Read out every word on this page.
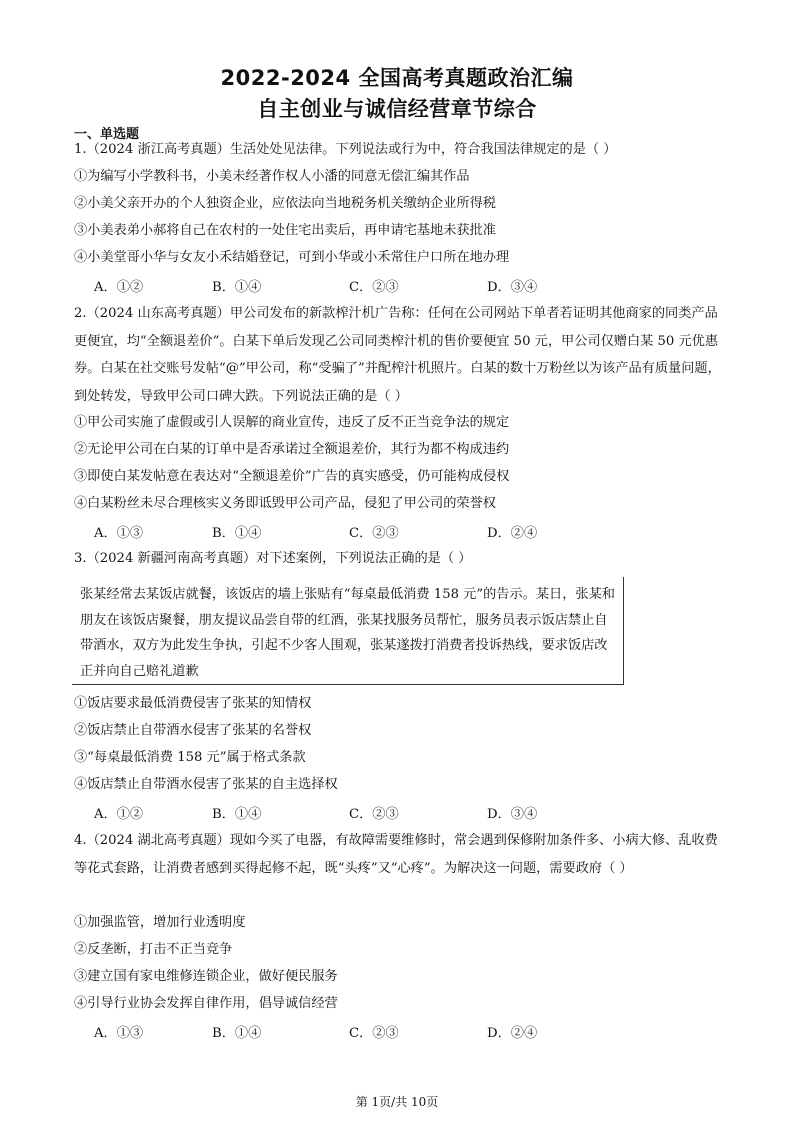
2022-2024 全国高考真题政治汇编
自主创业与诚信经营章节综合
一、单选题
1.（2024 浙江高考真题）生活处处见法律。下列说法或行为中，符合我国法律规定的是（ ）
①为编写小学教科书，小美未经著作权人小潘的同意无偿汇编其作品
②小美父亲开办的个人独资企业，应依法向当地税务机关缴纳企业所得税
③小美表弟小郝将自己在农村的一处住宅出卖后，再申请宅基地未获批准
④小美堂哥小华与女友小禾结婚登记，可到小华或小禾常住户口所在地办理
A．①②	B．①④	C．②③	D．③④
2.（2024 山东高考真题）甲公司发布的新款榨汁机广告称：任何在公司网站下单者若证明其他商家的同类产品更便宜，均“全额退差价”。白某下单后发现乙公司同类榨汁机的售价要便宜 50 元，甲公司仅赠白某 50 元优惠券。白某在社交账号发帖“@”甲公司，称“受骗了”并配榨汁机照片。白某的数十万粉丝以为该产品有质量问题，到处转发，导致甲公司口碑大跌。下列说法正确的是（ ）
①甲公司实施了虚假或引人误解的商业宣传，违反了反不正当竞争法的规定
②无论甲公司在白某的订单中是否承诺过全额退差价，其行为都不构成违约
③即使白某发帖意在表达对“全额退差价”广告的真实感受，仍可能构成侵权
④白某粉丝未尽合理核实义务即诋毁甲公司产品，侵犯了甲公司的荣誉权
A．①③	B．①④	C．②③	D．②④
3.（2024 新疆河南高考真题）对下述案例，下列说法正确的是（ ）
张某经常去某饭店就餐，该饭店的墙上张贴有“每桌最低消费 158 元”的告示。某日，张某和朋友在该饭店聚餐，朋友提议品尝自带的红酒，张某找服务员帮忙，服务员表示饭店禁止自带酒水，双方为此发生争执，引起不少客人围观，张某遂拨打消费者投诉热线，要求饭店改正并向自己赔礼道歉
①饭店要求最低消费侵害了张某的知情权
②饭店禁止自带酒水侵害了张某的名誉权
③“每桌最低消费 158 元”属于格式条款
④饭店禁止自带酒水侵害了张某的自主选择权
A．①②	B．①④	C．②③	D．③④
4.（2024 湖北高考真题）现如今买了电器，有故障需要维修时，常会遇到保修附加条件多、小病大修、乱收费等花式套路，让消费者感到买得起修不起，既“头疼”又“心疼”。为解决这一问题，需要政府（ ）
①加强监管，增加行业透明度
②反垄断，打击不正当竞争
③建立国有家电维修连锁企业，做好便民服务
④引导行业协会发挥自律作用，倡导诚信经营
A．①③	B．①④	C．②③	D．②④
第 1页/共 10页
